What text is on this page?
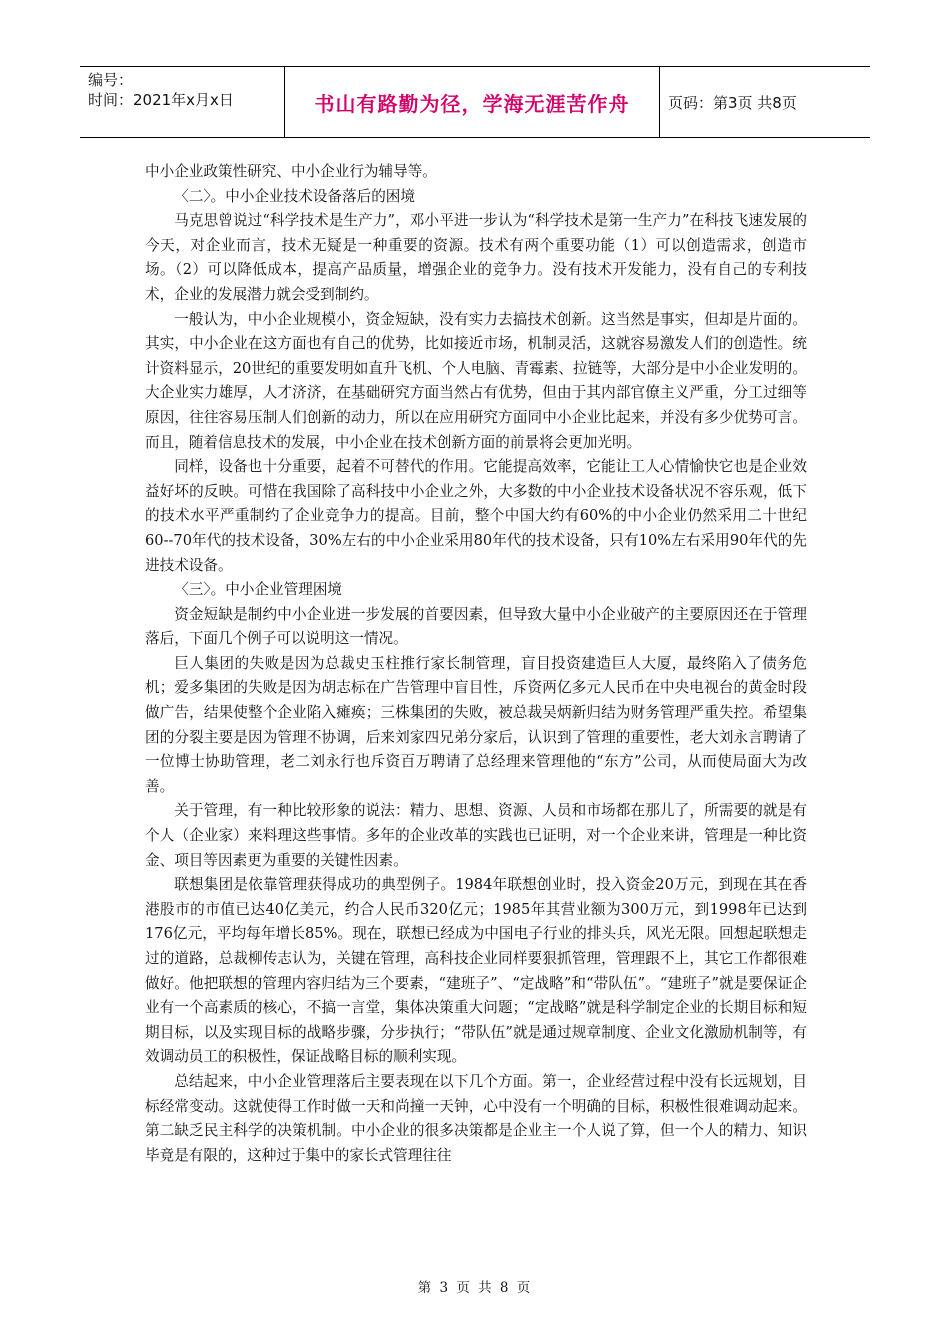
编号：
时间：2021年x月x日	书山有路勤为径，学海无涯苦作舟	页码：第3页 共8页

中小企业政策性研究、中小企业行为辅导等。

〈二〉。中小企业技术设备落后的困境

马克思曾说过“科学技术是生产力”，邓小平进一步认为“科学技术是第一生产力”在科技飞速发展的今天，对企业而言，技术无疑是一种重要的资源。技术有两个重要功能（1）可以创造需求，创造市场。（2）可以降低成本，提高产品质量，增强企业的竞争力。没有技术开发能力，没有自己的专利技术，企业的发展潜力就会受到制约。

一般认为，中小企业规模小，资金短缺，没有实力去搞技术创新。这当然是事实，但却是片面的。其实，中小企业在这方面也有自己的优势，比如接近市场，机制灵活，这就容易激发人们的创造性。统计资料显示，20世纪的重要发明如直升飞机、个人电脑、青霉素、拉链等，大部分是中小企业发明的。大企业实力雄厚，人才济济，在基础研究方面当然占有优势，但由于其内部官僚主义严重，分工过细等原因，往往容易压制人们创新的动力，所以在应用研究方面同中小企业比起来，并没有多少优势可言。而且，随着信息技术的发展，中小企业在技术创新方面的前景将会更加光明。

同样，设备也十分重要，起着不可替代的作用。它能提高效率，它能让工人心情愉快它也是企业效益好坏的反映。可惜在我国除了高科技中小企业之外，大多数的中小企业技术设备状况不容乐观，低下的技术水平严重制约了企业竞争力的提高。目前，整个中国大约有60%的中小企业仍然采用二十世纪60--70年代的技术设备，30%左右的中小企业采用80年代的技术设备，只有10%左右采用90年代的先进技术设备。

〈三〉。中小企业管理困境

资金短缺是制约中小企业进一步发展的首要因素，但导致大量中小企业破产的主要原因还在于管理落后，下面几个例子可以说明这一情况。

巨人集团的失败是因为总裁史玉柱推行家长制管理，盲目投资建造巨人大厦，最终陷入了债务危机；爱多集团的失败是因为胡志标在广告管理中盲目性，斥资两亿多元人民币在中央电视台的黄金时段做广告，结果使整个企业陷入瘫痪；三株集团的失败，被总裁吴炳新归结为财务管理严重失控。希望集团的分裂主要是因为管理不协调，后来刘家四兄弟分家后，认识到了管理的重要性，老大刘永言聘请了一位博士协助管理，老二刘永行也斥资百万聘请了总经理来管理他的“东方”公司，从而使局面大为改善。

关于管理，有一种比较形象的说法：精力、思想、资源、人员和市场都在那儿了，所需要的就是有个人（企业家）来料理这些事情。多年的企业改革的实践也已证明，对一个企业来讲，管理是一种比资金、项目等因素更为重要的关键性因素。

联想集团是依靠管理获得成功的典型例子。1984年联想创业时，投入资金20万元，到现在其在香港股市的市值已达40亿美元，约合人民币320亿元；1985年其营业额为300万元，到1998年已达到176亿元，平均每年增长85%。现在，联想已经成为中国电子行业的排头兵，风光无限。回想起联想走过的道路，总裁柳传志认为，关键在管理，高科技企业同样要狠抓管理，管理跟不上，其它工作都很难做好。他把联想的管理内容归结为三个要素，“建班子”、“定战略”和“带队伍”。“建班子”就是要保证企业有一个高素质的核心，不搞一言堂，集体决策重大问题；“定战略”就是科学制定企业的长期目标和短期目标，以及实现目标的战略步骤，分步执行；“带队伍”就是通过规章制度、企业文化激励机制等，有效调动员工的积极性，保证战略目标的顺利实现。

总结起来，中小企业管理落后主要表现在以下几个方面。第一，企业经营过程中没有长远规划，目标经常变动。这就使得工作时做一天和尚撞一天钟，心中没有一个明确的目标，积极性很难调动起来。第二缺乏民主科学的决策机制。中小企业的很多决策都是企业主一个人说了算，但一个人的精力、知识毕竟是有限的，这种过于集中的家长式管理往往

第 3 页 共 8 页
